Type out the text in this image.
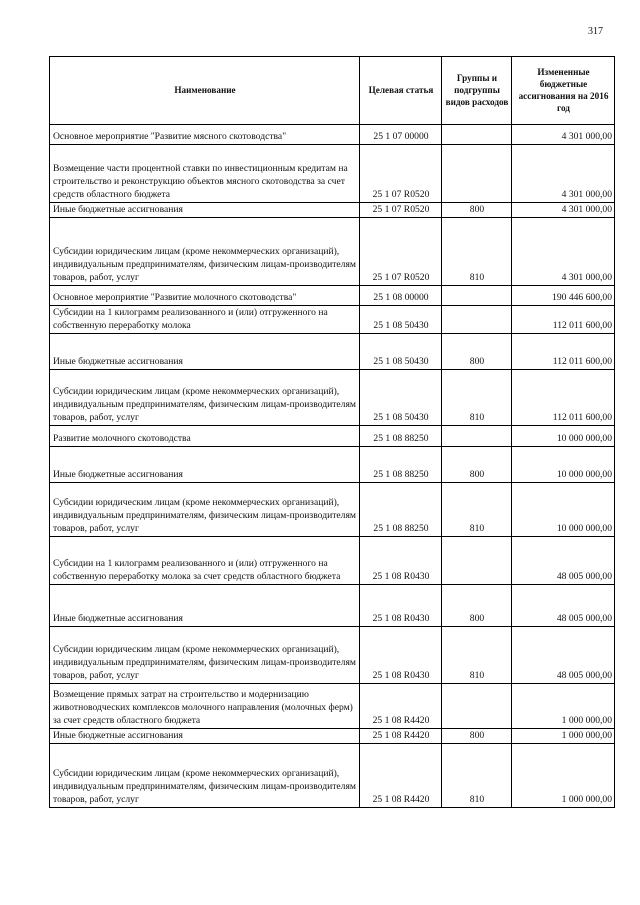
317
Наименование	Целевая статья	Группы и подгруппы видов расходов	Измененные бюджетные ассигнования на 2016 год
Основное мероприятие "Развитие мясного скотоводства"	25 1 07 00000		4 301 000,00
Возмещение части процентной ставки по инвестиционным кредитам на строительство и реконструкцию объектов мясного скотоводства за счет средств областного бюджета	25 1 07 R0520		4 301 000,00
Иные бюджетные ассигнования	25 1 07 R0520	800	4 301 000,00
Субсидии юридическим лицам (кроме некоммерческих организаций), индивидуальным предпринимателям, физическим лицам-производителям товаров, работ, услуг	25 1 07 R0520	810	4 301 000,00
Основное мероприятие "Развитие молочного скотоводства"	25 1 08 00000		190 446 600,00
Субсидии на 1 килограмм реализованного и (или) отгруженного на собственную переработку молока	25 1 08 50430		112 011 600,00
Иные бюджетные ассигнования	25 1 08 50430	800	112 011 600,00
Субсидии юридическим лицам (кроме некоммерческих организаций), индивидуальным предпринимателям, физическим лицам-производителям товаров, работ, услуг	25 1 08 50430	810	112 011 600,00
Развитие молочного скотоводства	25 1 08 88250		10 000 000,00
Иные бюджетные ассигнования	25 1 08 88250	800	10 000 000,00
Субсидии юридическим лицам (кроме некоммерческих организаций), индивидуальным предпринимателям, физическим лицам-производителям товаров, работ, услуг	25 1 08 88250	810	10 000 000,00
Субсидии на 1 килограмм реализованного и (или) отгруженного на собственную переработку молока за счет средств областного бюджета	25 1 08 R0430		48 005 000,00
Иные бюджетные ассигнования	25 1 08 R0430	800	48 005 000,00
Субсидии юридическим лицам (кроме некоммерческих организаций), индивидуальным предпринимателям, физическим лицам-производителям товаров, работ, услуг	25 1 08 R0430	810	48 005 000,00
Возмещение прямых затрат на строительство и модернизацию животноводческих комплексов молочного направления (молочных ферм) за счет средств областного бюджета	25 1 08 R4420		1 000 000,00
Иные бюджетные ассигнования	25 1 08 R4420	800	1 000 000,00
Субсидии юридическим лицам (кроме некоммерческих организаций), индивидуальным предпринимателям, физическим лицам-производителям товаров, работ, услуг	25 1 08 R4420	810	1 000 000,00
